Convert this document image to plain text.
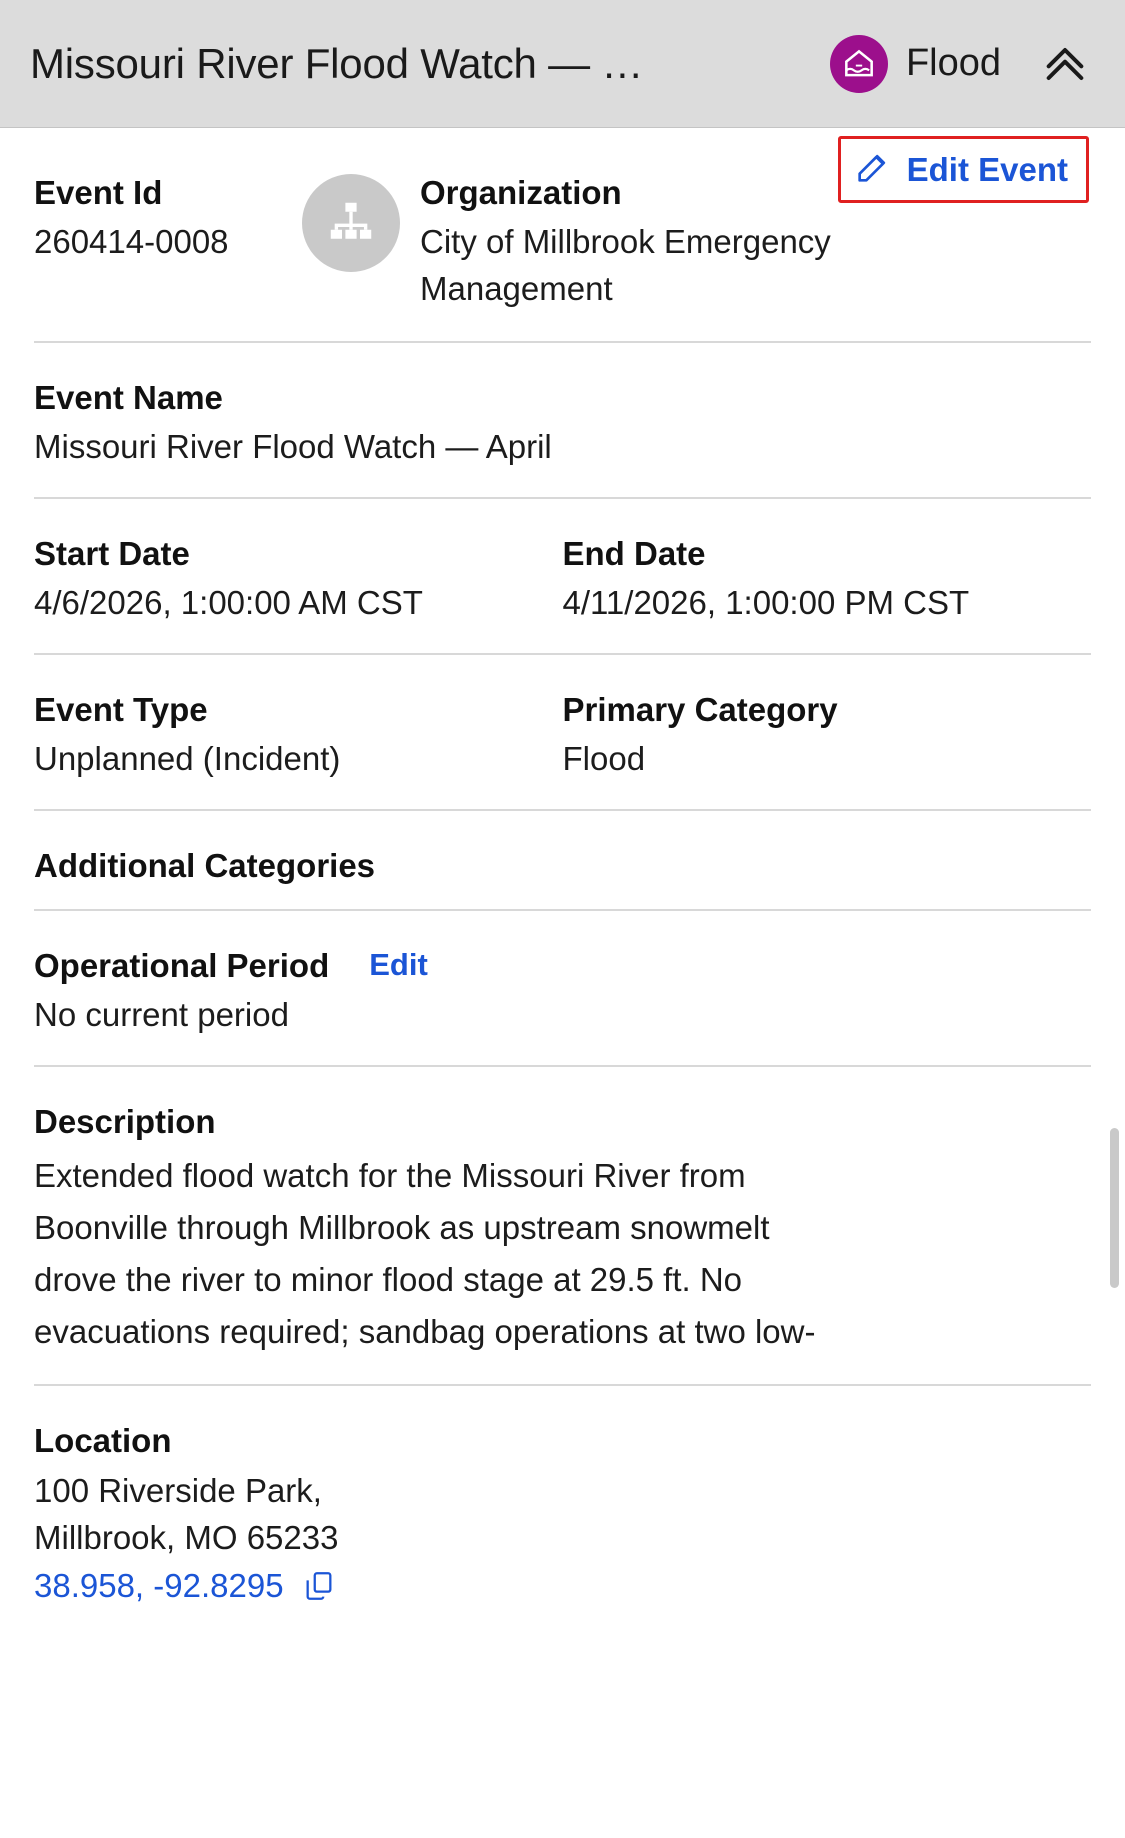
Missouri River Flood Watch — …	Flood
Event Id
260414-0008
Organization
City of Millbrook Emergency Management
Edit Event
Event Name
Missouri River Flood Watch — April
Start Date
4/6/2026, 1:00:00 AM CST
End Date
4/11/2026, 1:00:00 PM CST
Event Type
Unplanned (Incident)
Primary Category
Flood
Additional Categories
Operational Period Edit
No current period
Description
Extended flood watch for the Missouri River from Boonville through Millbrook as upstream snowmelt drove the river to minor flood stage at 29.5 ft. No evacuations required; sandbag operations at two low-
Location
100 Riverside Park,
Millbrook, MO 65233
38.958, -92.8295
